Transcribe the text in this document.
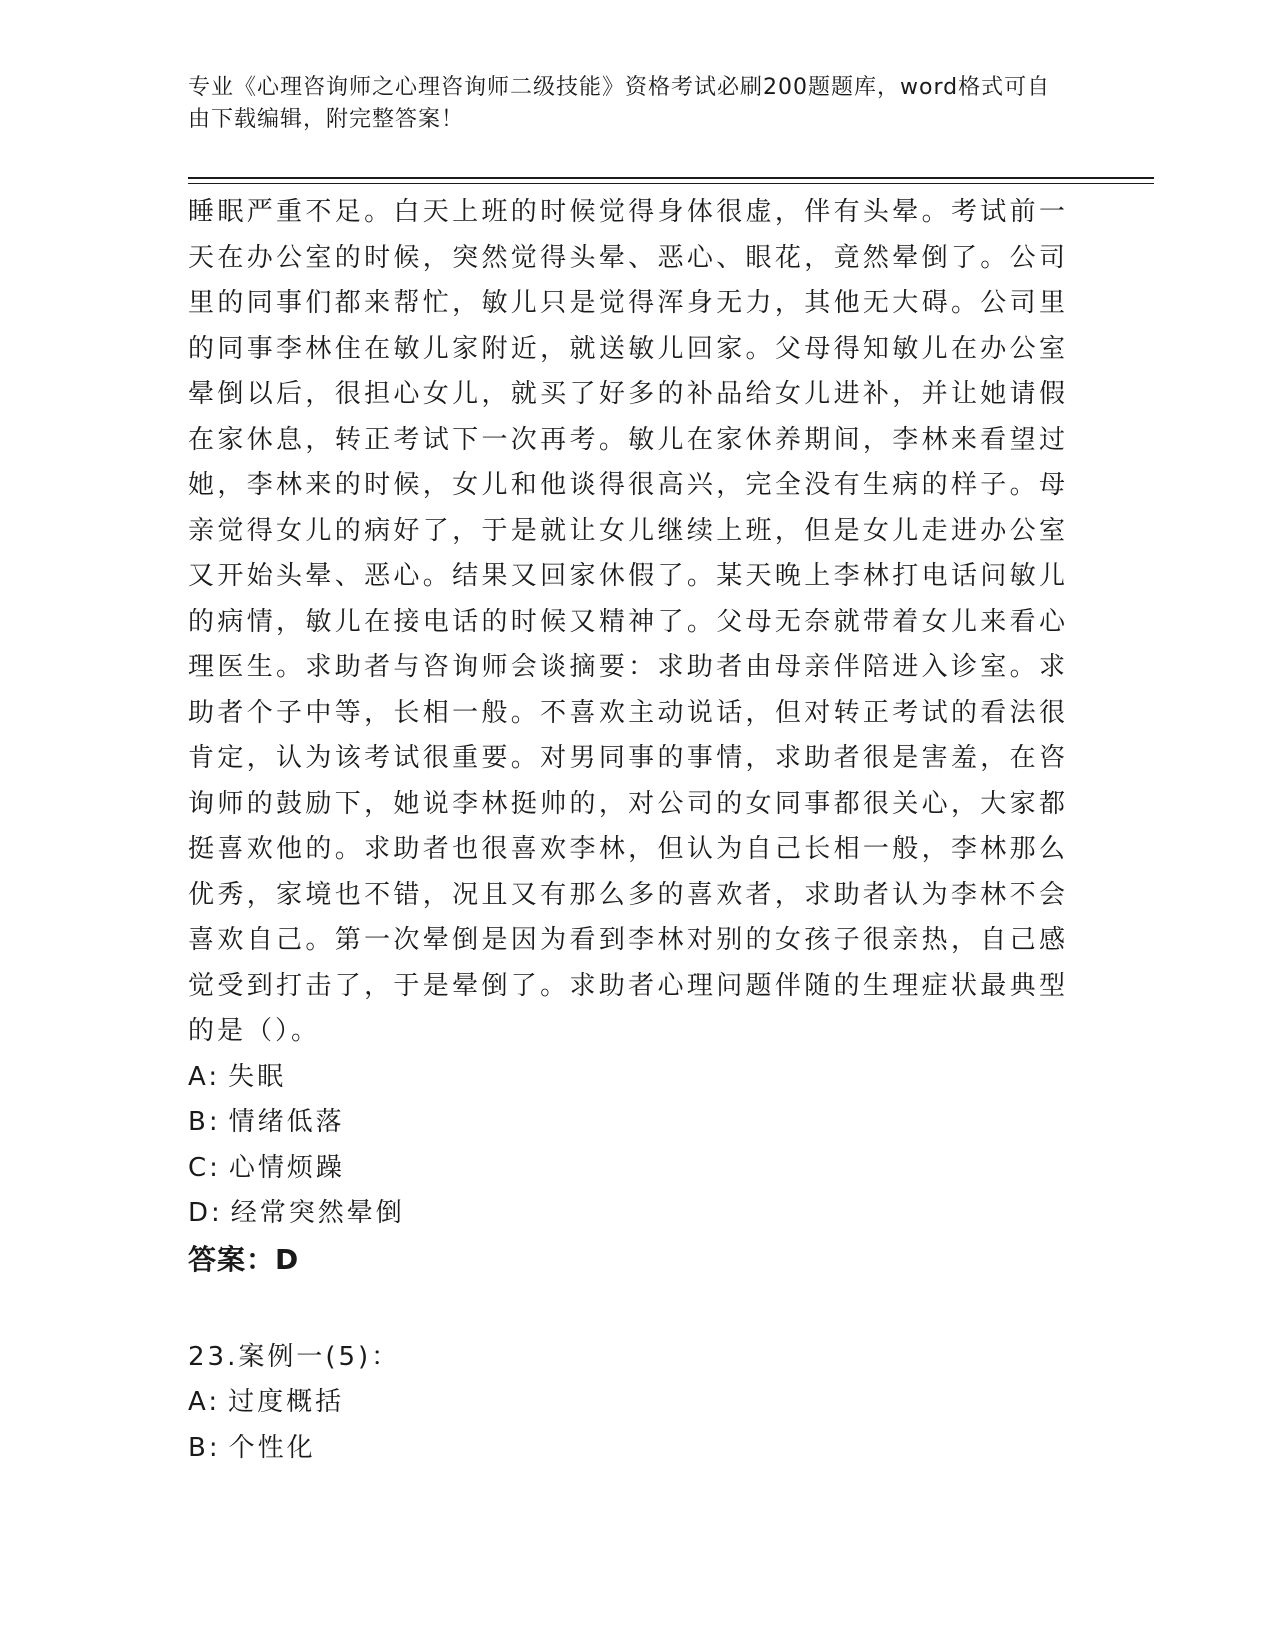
专业《心理咨询师之心理咨询师二级技能》资格考试必刷200题题库，word格式可自由下载编辑，附完整答案！

睡眠严重不足。白天上班的时候觉得身体很虚，伴有头晕。考试前一天在办公室的时候，突然觉得头晕、恶心、眼花，竟然晕倒了。公司里的同事们都来帮忙，敏儿只是觉得浑身无力，其他无大碍。公司里的同事李林住在敏儿家附近，就送敏儿回家。父母得知敏儿在办公室晕倒以后，很担心女儿，就买了好多的补品给女儿进补，并让她请假在家休息，转正考试下一次再考。敏儿在家休养期间，李林来看望过她，李林来的时候，女儿和他谈得很高兴，完全没有生病的样子。母亲觉得女儿的病好了，于是就让女儿继续上班，但是女儿走进办公室又开始头晕、恶心。结果又回家休假了。某天晚上李林打电话问敏儿的病情，敏儿在接电话的时候又精神了。父母无奈就带着女儿来看心理医生。求助者与咨询师会谈摘要：求助者由母亲伴陪进入诊室。求助者个子中等，长相一般。不喜欢主动说话，但对转正考试的看法很肯定，认为该考试很重要。对男同事的事情，求助者很是害羞，在咨询师的鼓励下，她说李林挺帅的，对公司的女同事都很关心，大家都挺喜欢他的。求助者也很喜欢李林，但认为自己长相一般，李林那么优秀，家境也不错，况且又有那么多的喜欢者，求助者认为李林不会喜欢自己。第一次晕倒是因为看到李林对别的女孩子很亲热，自己感觉受到打击了，于是晕倒了。求助者心理问题伴随的生理症状最典型的是（）。

A: 失眠
B: 情绪低落
C: 心情烦躁
D: 经常突然晕倒
答案：D
23.案例一(5)：
A: 过度概括
B: 个性化
